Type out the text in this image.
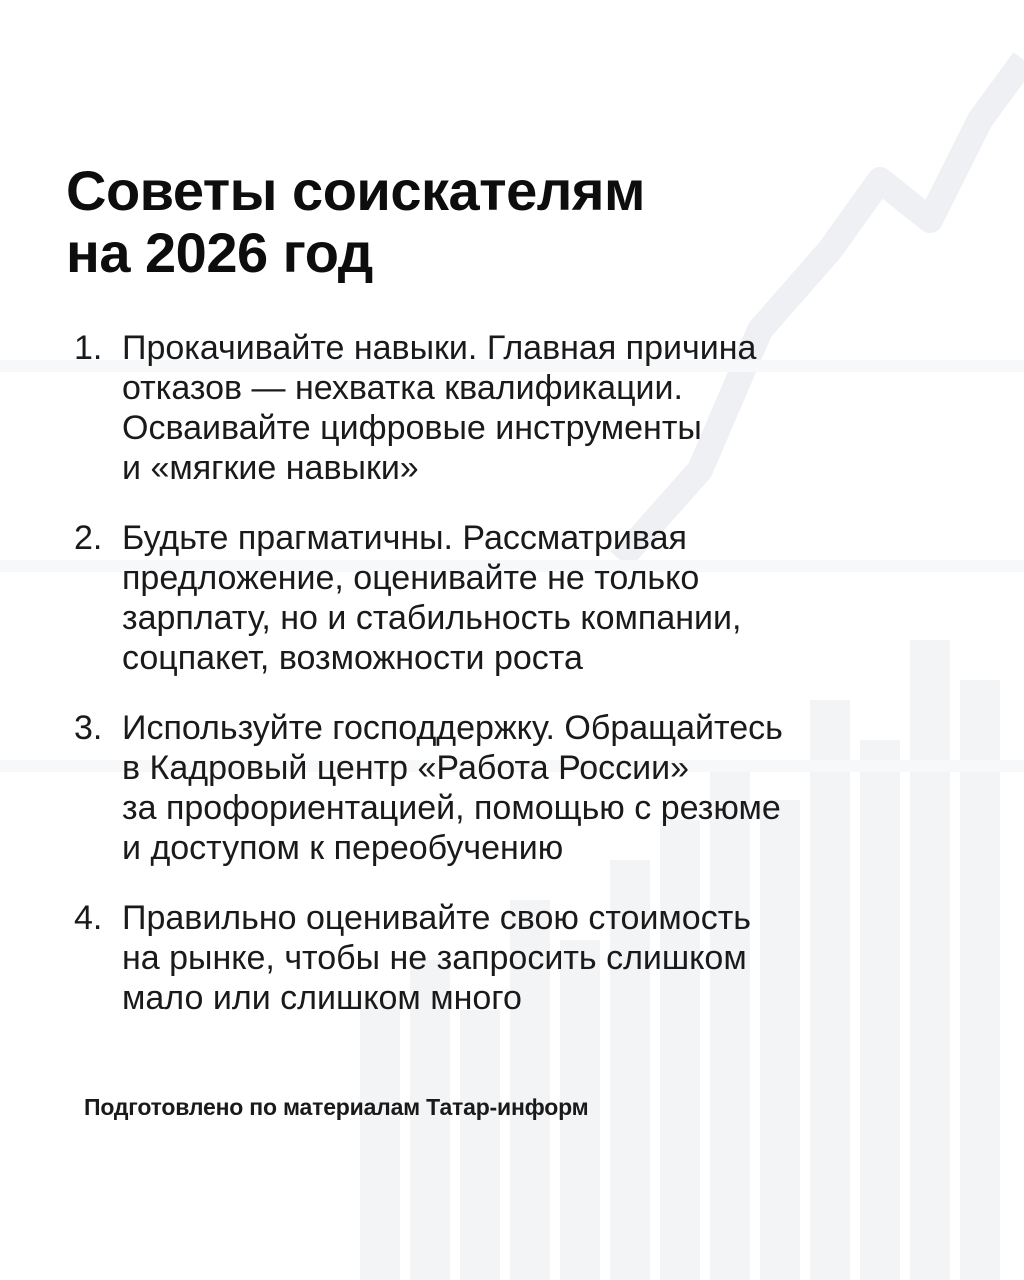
Советы соискателям
на 2026 год
1. Прокачивайте навыки. Главная причина
отказов — нехватка квалификации.
Осваивайте цифровые инструменты
и «мягкие навыки»
2. Будьте прагматичны. Рассматривая
предложение, оценивайте не только
зарплату, но и стабильность компании,
соцпакет, возможности роста
3. Используйте господдержку. Обращайтесь
в Кадровый центр «Работа России»
за профориентацией, помощью с резюме
и доступом к переобучению
4. Правильно оценивайте свою стоимость
на рынке, чтобы не запросить слишком
мало или слишком много
Подготовлено по материалам Татар-информ
